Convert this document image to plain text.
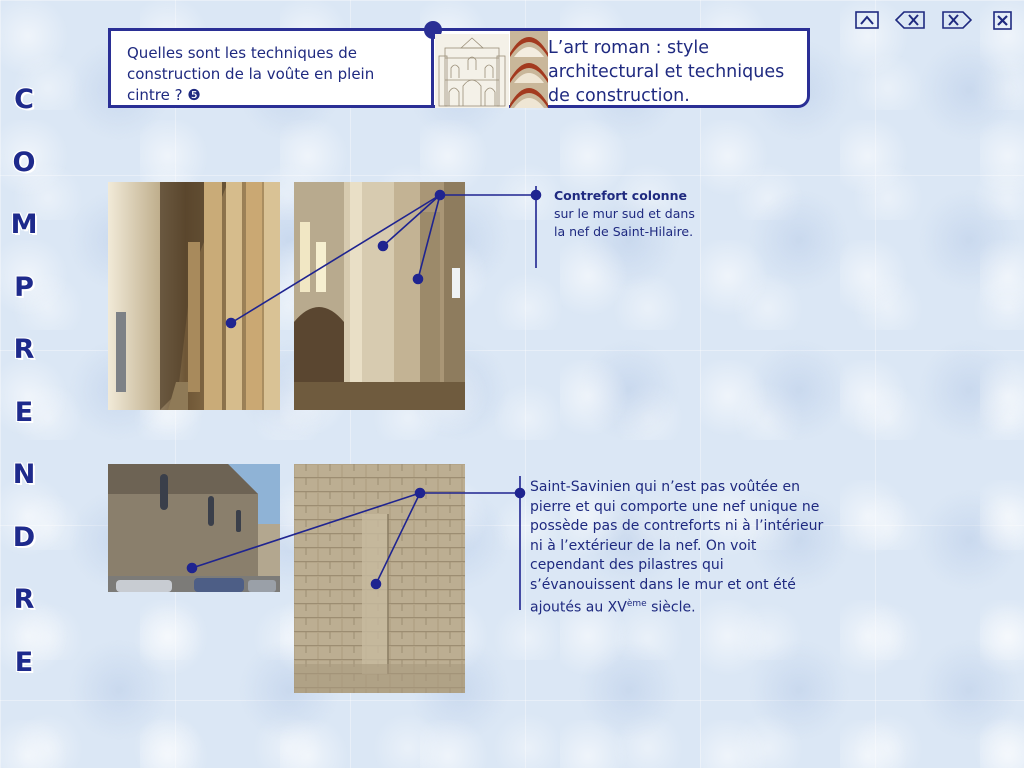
C
O
M
P
R
E
N
D
R
E
Quelles sont les techniques de construction de la voûte en plein cintre ? ❺
L’art roman : style architectural et techniques de construction.
Contrefort colonne sur le mur sud et dans la nef de Saint-Hilaire.
Saint-Savinien qui n’est pas voûtée en pierre et qui comporte une nef unique ne possède pas de contreforts ni à l’intérieur ni à l’extérieur de la nef. On voit cependant des pilastres qui s’évanouissent dans le mur et ont été ajoutés au XVème siècle.
